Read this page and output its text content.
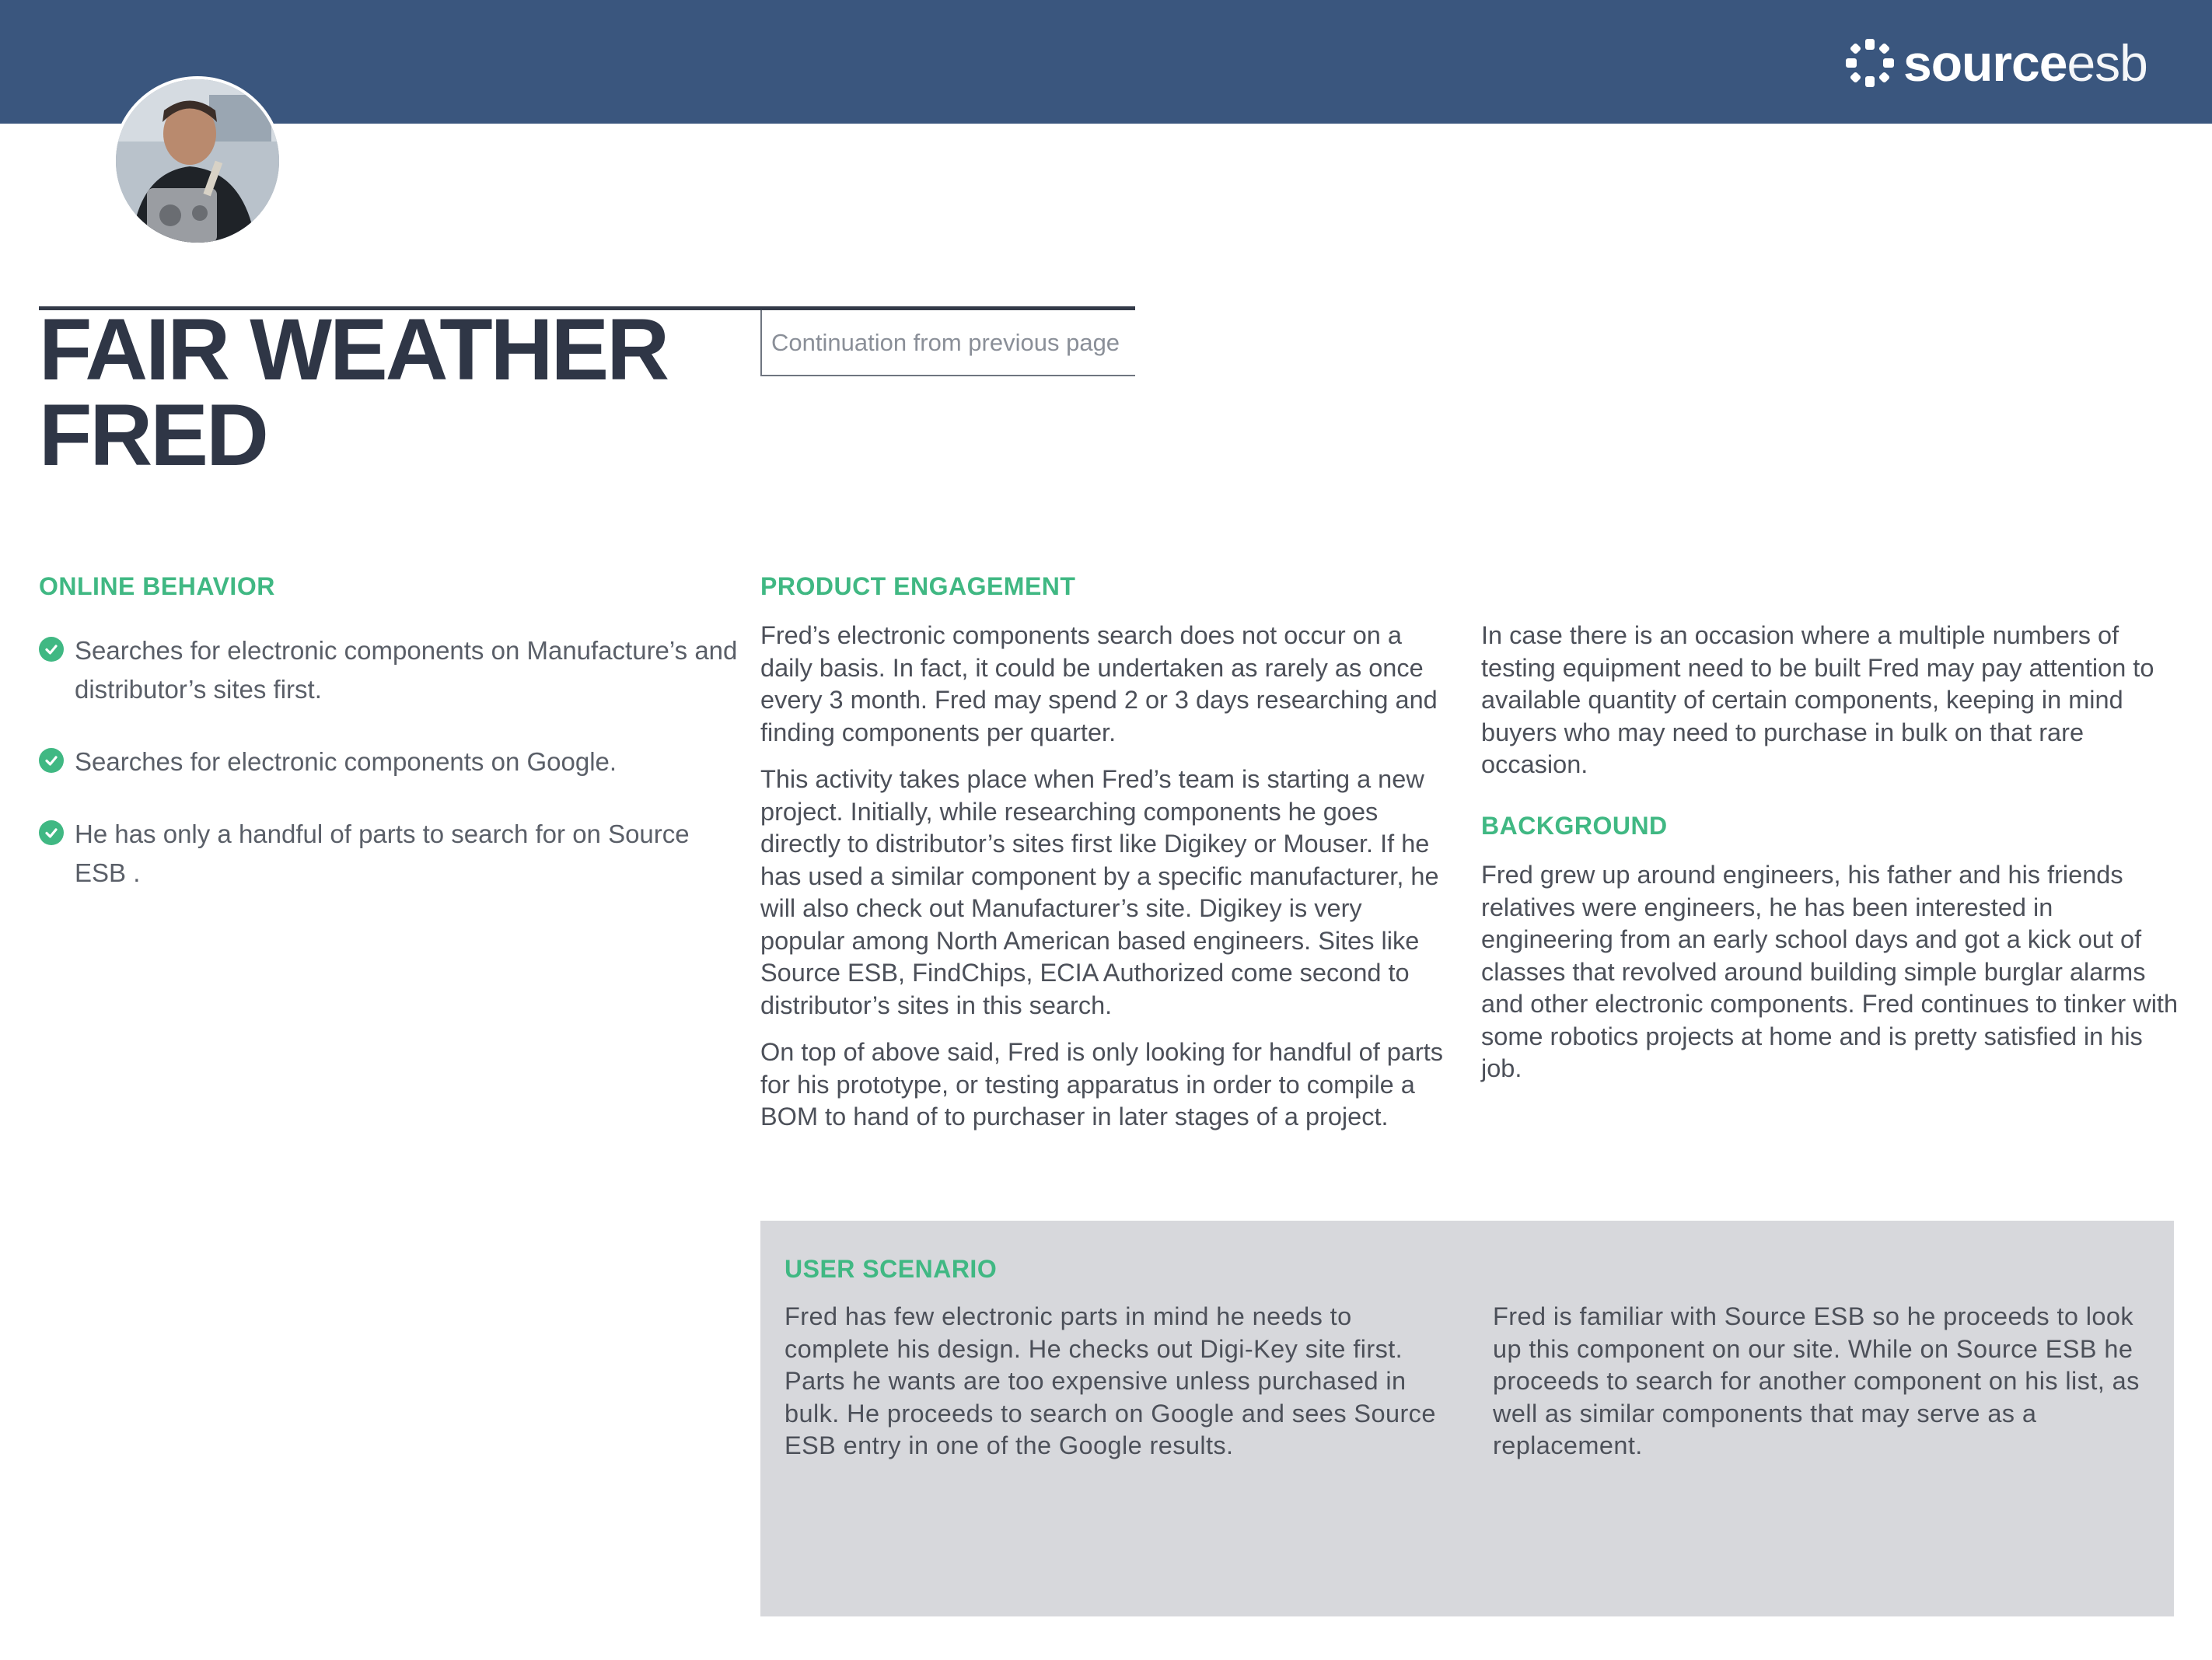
sourceesb
FAIR WEATHER FRED
Continuation from previous page
ONLINE BEHAVIOR
Searches for electronic components on Manufacture’s and distributor’s sites first.
Searches for electronic components on Google.
He has only a handful of parts to search for on Source ESB .
PRODUCT ENGAGEMENT

Fred’s electronic components search does not occur on a daily basis. In fact, it could be undertaken as rarely as once every 3 month. Fred may spend 2 or 3 days researching and finding components per quarter.

This activity takes place when Fred’s team is starting a new project. Initially, while researching components he goes directly to distributor’s sites first like Digikey or Mouser. If he has used a similar component by a specific manufacturer, he will also check out Manufacturer’s site. Digikey is very popular among North American based engineers. Sites like Source ESB, FindChips, ECIA Authorized come second to distributor’s sites in this search.

On top of above said, Fred is only looking for handful of parts for his prototype, or testing apparatus in order to compile a BOM to hand of to purchaser in later stages of a project.

In case there is an occasion where a multiple numbers of testing equipment need to be built Fred may pay attention to available quantity of certain components, keeping in mind buyers who may need to purchase in bulk on that rare occasion.

BACKGROUND

Fred grew up around engineers, his father and his friends relatives were engineers, he has been interested in engineering from an early school days and got a kick out of classes that revolved around building simple burglar alarms and other electronic components. Fred continues to tinker with some robotics projects at home and is pretty satisfied in his job.

USER SCENARIO

Fred has few electronic parts in mind he needs to complete his design. He checks out Digi-Key site first. Parts he wants are too expensive unless purchased in bulk. He proceeds to search on Google and sees Source ESB entry in one of the Google results.

Fred is familiar with Source ESB so he proceeds to look up this component on our site. While on Source ESB he proceeds to search for another component on his list, as well as similar components that may serve as a replacement.
